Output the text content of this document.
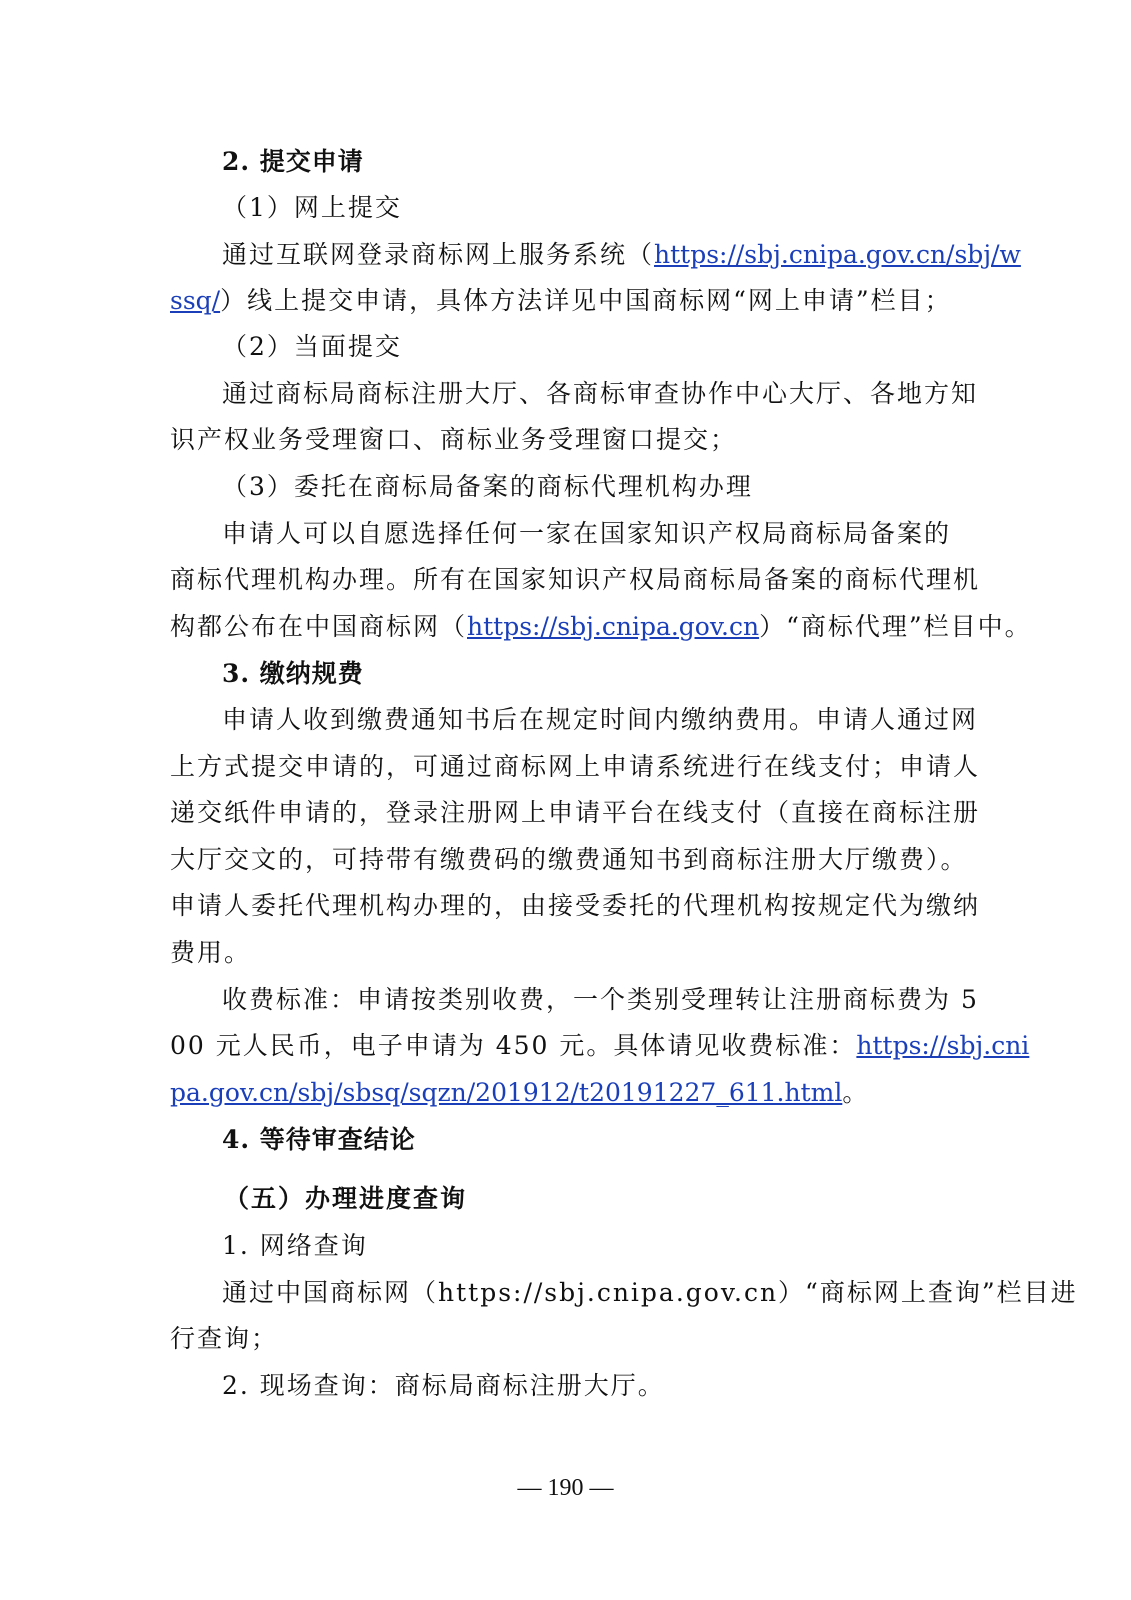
2. 提交申请
（1）网上提交
通过互联网登录商标网上服务系统（https://sbj.cnipa.gov.cn/sbj/w
ssq/）线上提交申请，具体方法详见中国商标网“网上申请”栏目；
（2）当面提交
通过商标局商标注册大厅、各商标审查协作中心大厅、各地方知
识产权业务受理窗口、商标业务受理窗口提交；
（3）委托在商标局备案的商标代理机构办理
申请人可以自愿选择任何一家在国家知识产权局商标局备案的
商标代理机构办理。所有在国家知识产权局商标局备案的商标代理机
构都公布在中国商标网（https://sbj.cnipa.gov.cn）“商标代理”栏目中。
3. 缴纳规费
申请人收到缴费通知书后在规定时间内缴纳费用。申请人通过网
上方式提交申请的，可通过商标网上申请系统进行在线支付；申请人
递交纸件申请的，登录注册网上申请平台在线支付（直接在商标注册
大厅交文的，可持带有缴费码的缴费通知书到商标注册大厅缴费）。
申请人委托代理机构办理的，由接受委托的代理机构按规定代为缴纳
费用。
收费标准：申请按类别收费，一个类别受理转让注册商标费为 5
00 元人民币，电子申请为 450 元。具体请见收费标准：https://sbj.cni
pa.gov.cn/sbj/sbsq/sqzn/201912/t20191227_611.html。
4. 等待审查结论
（五）办理进度查询
1. 网络查询
通过中国商标网（https://sbj.cnipa.gov.cn）“商标网上查询”栏目进
行查询；
2. 现场查询：商标局商标注册大厅。
— 190 —
